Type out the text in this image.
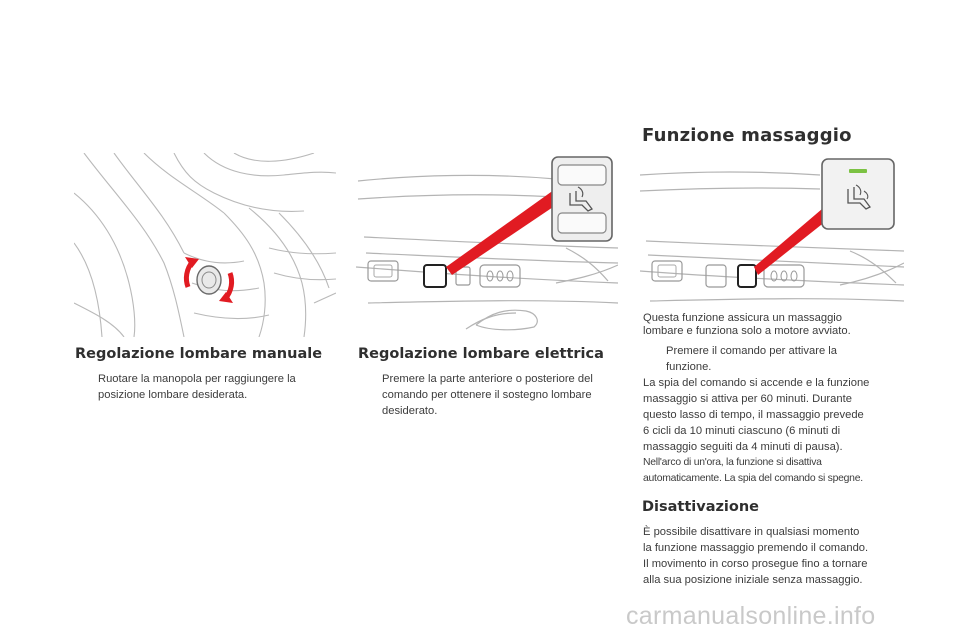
Regolazione lombare manuale
Ruotare la manopola per raggiungere la
posizione lombare desiderata.
Regolazione lombare elettrica
Premere la parte anteriore o posteriore del
comando per ottenere il sostegno lombare
desiderato.
Funzione massaggio

Questa funzione assicura un massaggio
lombare e funziona solo a motore avviato.

Premere il comando per attivare la
funzione.

La spia del comando si accende e la funzione
massaggio si attiva per 60 minuti. Durante
questo lasso di tempo, il massaggio prevede
6 cicli da 10 minuti ciascuno (6 minuti di
massaggio seguiti da 4 minuti di pausa).

Nell'arco di un'ora, la funzione si disattiva
automaticamente. La spia del comando si spegne.

Disattivazione

È possibile disattivare in qualsiasi momento
la funzione massaggio premendo il comando.
Il movimento in corso prosegue fino a tornare
alla sua posizione iniziale senza massaggio.

carmanualsonline.info
